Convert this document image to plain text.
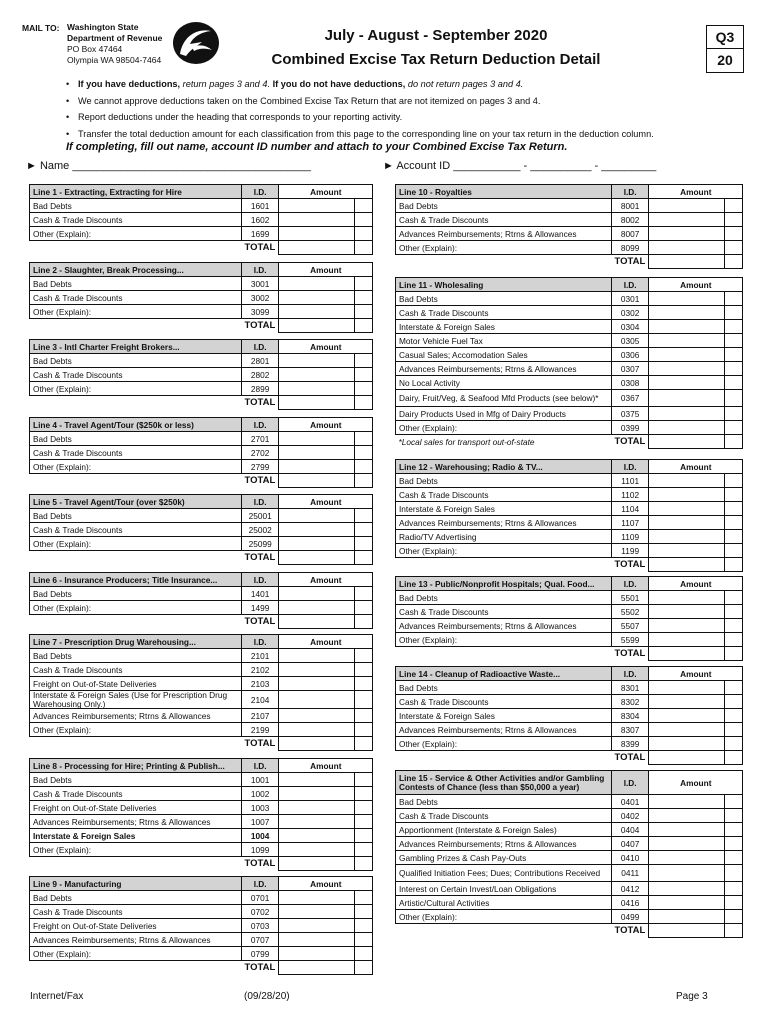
MAIL TO: Washington State
Department of Revenue
PO Box 47464
Olympia WA 98504-7464
July - August - September 2020
Combined Excise Tax Return Deduction Detail
Q3
20
• If you have deductions, return pages 3 and 4. If you do not have deductions, do not return pages 3 and 4.
• We cannot approve deductions taken on the Combined Excise Tax Return that are not itemized on pages 3 and 4.
• Report deductions under the heading that corresponds to your reporting activity.
• Transfer the total deduction amount for each classification from this page to the corresponding line on your tax return in the deduction column.
If completing, fill out name, account ID number and attach to your Combined Excise Tax Return.
► Name _______________________________________	► Account ID ___________ - __________ - _________
Line 1 - Extracting, Extracting for Hire	I.D.	Amount	
Bad Debts	1601		
Cash & Trade Discounts	1602		
Other (Explain):	1699		
	TOTAL		
Line 2 - Slaughter, Break Processing...	I.D.	Amount	
Bad Debts	3001		
Cash & Trade Discounts	3002		
Other (Explain):	3099		
	TOTAL		
Line 3 - Intl Charter Freight Brokers...	I.D.	Amount	
Bad Debts	2801		
Cash & Trade Discounts	2802		
Other (Explain):	2899		
	TOTAL		
Line 4 - Travel Agent/Tour ($250k or less)	I.D.	Amount	
Bad Debts	2701		
Cash & Trade Discounts	2702		
Other (Explain):	2799		
	TOTAL		
Line 5 - Travel Agent/Tour (over $250k)	I.D.	Amount	
Bad Debts	25001		
Cash & Trade Discounts	25002		
Other (Explain):	25099		
	TOTAL		
Line 6 - Insurance Producers; Title Insurance...	I.D.	Amount	
Bad Debts	1401		
Other (Explain):	1499		
	TOTAL		
Line 7 - Prescription Drug Warehousing...	I.D.	Amount	
Bad Debts	2101		
Cash & Trade Discounts	2102		
Freight on Out-of-State Deliveries	2103		
Interstate & Foreign Sales (Use for Prescription Drug Warehousing Only.)	2104		
Advances Reimbursements; Rtrns & Allowances	2107		
Other (Explain):	2199		
	TOTAL		
Line 8 - Processing for Hire; Printing & Publish...	I.D.	Amount	
Bad Debts	1001		
Cash & Trade Discounts	1002		
Freight on Out-of-State Deliveries	1003		
Advances Reimbursements; Rtrns & Allowances	1007		
Interstate & Foreign Sales	1004		
Other (Explain):	1099		
	TOTAL		
Line 9 - Manufacturing	I.D.	Amount	
Bad Debts	0701		
Cash & Trade Discounts	0702		
Freight on Out-of-State Deliveries	0703		
Advances Reimbursements; Rtrns & Allowances	0707		
Other (Explain):	0799		
	TOTAL		
Line 10 - Royalties	I.D.	Amount	
Bad Debts	8001		
Cash & Trade Discounts	8002		
Advances Reimbursements; Rtrns & Allowances	8007		
Other (Explain):	8099		
	TOTAL		
Line 11 - Wholesaling	I.D.	Amount	
Bad Debts	0301		
Cash & Trade Discounts	0302		
Interstate & Foreign Sales	0304		
Motor Vehicle Fuel Tax	0305		
Casual Sales; Accomodation Sales	0306		
Advances Reimbursements; Rtrns & Allowances	0307		
No Local Activity	0308		
Dairy, Fruit/Veg, & Seafood Mfd Products (see below)*	0367		
Dairy Products Used in Mfg of Dairy Products	0375		
Other (Explain):	0399		
*Local sales for transport out-of-state	TOTAL		
Line 12 - Warehousing; Radio & TV...	I.D.	Amount	
Bad Debts	1101		
Cash & Trade Discounts	1102		
Interstate & Foreign Sales	1104		
Advances Reimbursements; Rtrns & Allowances	1107		
Radio/TV Advertising	1109		
Other (Explain):	1199		
	TOTAL		
Line 13 - Public/Nonprofit Hospitals; Qual. Food...	I.D.	Amount	
Bad Debts	5501		
Cash & Trade Discounts	5502		
Advances Reimbursements; Rtrns & Allowances	5507		
Other (Explain):	5599		
	TOTAL		
Line 14 - Cleanup of Radioactive Waste...	I.D.	Amount	
Bad Debts	8301		
Cash & Trade Discounts	8302		
Interstate & Foreign Sales	8304		
Advances Reimbursements; Rtrns & Allowances	8307		
Other (Explain):	8399		
	TOTAL		
Line 15 - Service & Other Activities and/or Gambling Contests of Chance (less than $50,000 a year)	I.D.	Amount	
Bad Debts	0401		
Cash & Trade Discounts	0402		
Apportionment (Interstate & Foreign Sales)	0404		
Advances Reimbursements; Rtrns & Allowances	0407		
Gambling Prizes & Cash Pay-Outs	0410		
Qualified Initiation Fees; Dues; Contributions Received	0411		
Interest on Certain Invest/Loan Obligations	0412		
Artistic/Cultural Activities	0416		
Other (Explain):	0499		
	TOTAL		
Internet/Fax	(09/28/20)	Page 3
